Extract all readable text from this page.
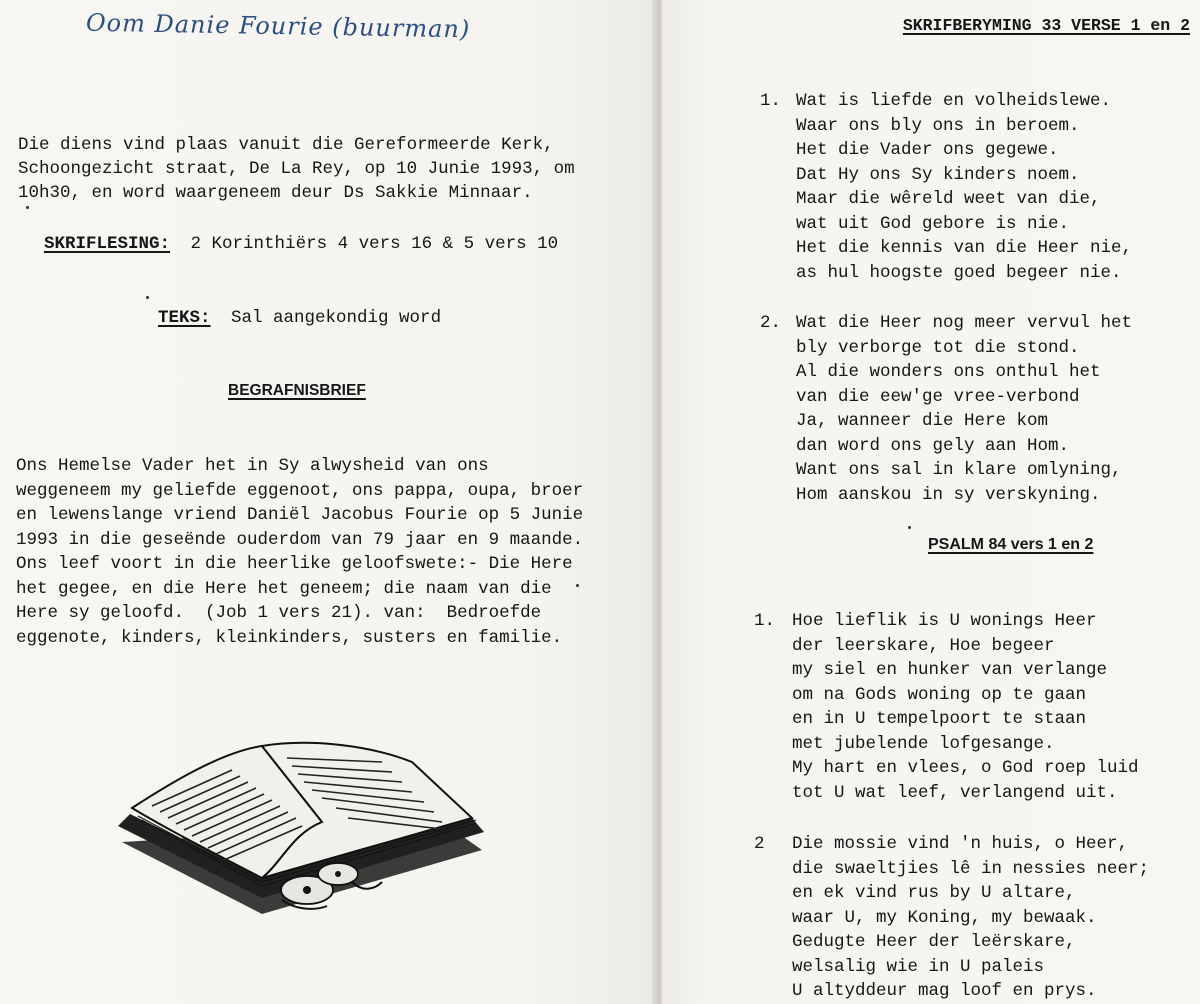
Oom Danie Fourie (buurman)
Die diens vind plaas vanuit die Gereformeerde Kerk,
Schoongezicht straat, De La Rey, op 10 Junie 1993, om
10h30, en word waargeneem deur Ds Sakkie Minnaar.
SKRIFLESING: 2 Korinthiërs 4 vers 16 & 5 vers 10
TEKS: Sal aangekondig word
BEGRAFNISBRIEF
Ons Hemelse Vader het in Sy alwysheid van ons
weggeneem my geliefde eggenoot, ons pappa, oupa, broer
en lewenslange vriend Daniël Jacobus Fourie op 5 Junie
1993 in die geseënde ouderdom van 79 jaar en 9 maande.
Ons leef voort in die heerlike geloofswete:- Die Here
het gegee, en die Here het geneem; die naam van die
Here sy geloofd.  (Job 1 vers 21). van:  Bedroefde
eggenote, kinders, kleinkinders, susters en familie.
SKRIFBERYMING 33 VERSE 1 en 2
1. Wat is liefde en volheidslewe.
Waar ons bly ons in beroem.
Het die Vader ons gegewe.
Dat Hy ons Sy kinders noem.
Maar die wêreld weet van die,
wat uit God gebore is nie.
Het die kennis van die Heer nie,
as hul hoogste goed begeer nie.
2. Wat die Heer nog meer vervul het
bly verborge tot die stond.
Al die wonders ons onthul het
van die eew'ge vree-verbond
Ja, wanneer die Here kom
dan word ons gely aan Hom.
Want ons sal in klare omlyning,
Hom aanskou in sy verskyning.
1. Hoe lieflik is U wonings Heer
der leerskare, Hoe begeer
my siel en hunker van verlange
om na Gods woning op te gaan
en in U tempelpoort te staan
met jubelende lofgesange.
My hart en vlees, o God roep luid
tot U wat leef, verlangend uit.
2	Die mossie vind 'n huis, o Heer,
die swaeltjies lê in nessies neer;
en ek vind rus by U altare,
waar U, my Koning, my bewaak.
Gedugte Heer der leërskare,
welsalig wie in U paleis
U altyddeur mag loof en prys.
PSALM 84 vers 1 en 2
